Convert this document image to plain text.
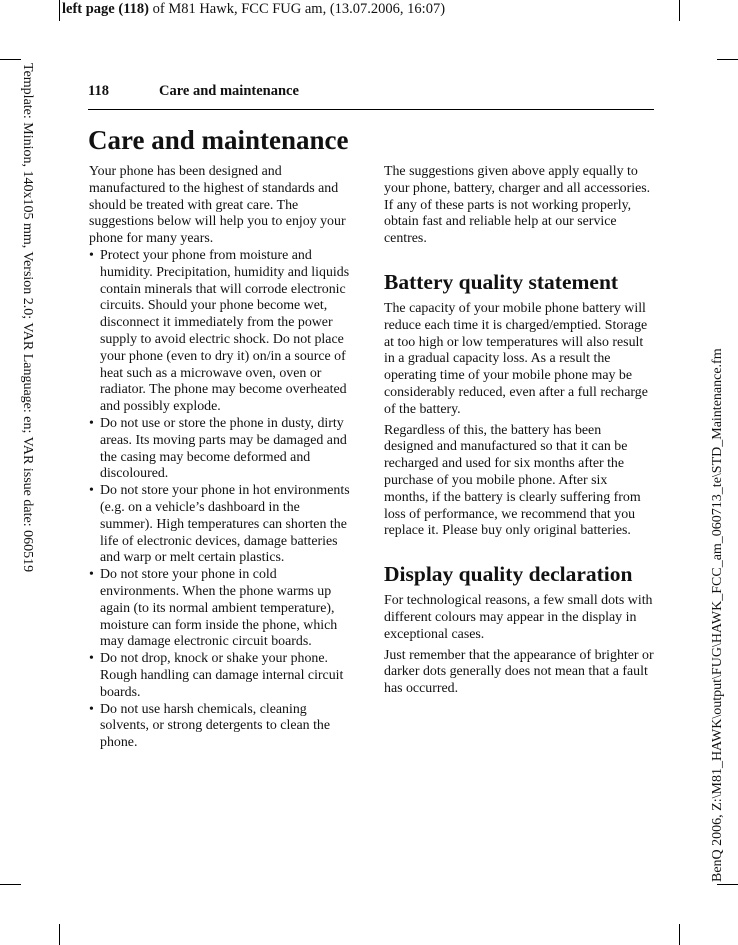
left page (118) of M81 Hawk, FCC FUG am, (13.07.2006, 16:07)
Template: Minion, 140x105 mm, Version 2.0; VAR Language: en; VAR issue date: 060519
BenQ 2006, Z:\M81_HAWK\output\FUG\HAWK_FCC_am_060713_te\STD_Maintenance.fm
118	Care and maintenance
Care and maintenance

Your phone has been designed and manufactured to the highest of standards and should be treated with great care. The suggestions below will help you to enjoy your phone for many years.

• Protect your phone from moisture and humidity. Precipitation, humidity and liquids contain minerals that will corrode electronic circuits. Should your phone become wet, disconnect it immediately from the power supply to avoid electric shock. Do not place your phone (even to dry it) on/in a source of heat such as a microwave oven, oven or radiator. The phone may become overheated and possibly explode.
• Do not use or store the phone in dusty, dirty areas. Its moving parts may be damaged and the casing may become deformed and discoloured.
• Do not store your phone in hot environments (e.g. on a vehicle’s dashboard in the summer). High temperatures can shorten the life of electronic devices, damage batteries and warp or melt certain plastics.
• Do not store your phone in cold environments. When the phone warms up again (to its normal ambient temperature), moisture can form inside the phone, which may damage electronic circuit boards.
• Do not drop, knock or shake your phone. Rough handling can damage internal circuit boards.
• Do not use harsh chemicals, cleaning solvents, or strong detergents to clean the phone.

The suggestions given above apply equally to your phone, battery, charger and all accessories. If any of these parts is not working properly, obtain fast and reliable help at our service centres.

Battery quality statement

The capacity of your mobile phone battery will reduce each time it is charged/emptied. Storage at too high or low temperatures will also result in a gradual capacity loss. As a result the operating time of your mobile phone may be considerably reduced, even after a full recharge of the battery.

Regardless of this, the battery has been designed and manufactured so that it can be recharged and used for six months after the purchase of you mobile phone. After six months, if the battery is clearly suffering from loss of performance, we recommend that you replace it. Please buy only original batteries.

Display quality declaration

For technological reasons, a few small dots with different colours may appear in the display in exceptional cases.

Just remember that the appearance of brighter or darker dots generally does not mean that a fault has occurred.
